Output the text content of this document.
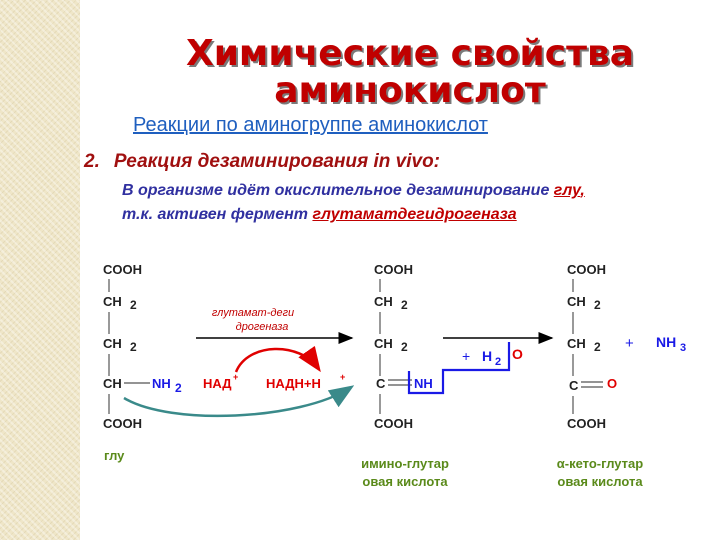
Химические свойства
аминокислот
Реакции по аминогруппе аминокислот
2. Реакция дезаминирования in vivo:
В организме идёт окислительное дезаминирование глу,
т.к. активен фермент глутаматдегидрогеназа
COOH
CH 2
CH 2
CH NH 2
COOH
глутамат-деги
дрогеназа
НАД + НАДН+Н +
COOH
CH 2
CH 2
C NH
COOH
+ H 2 O
COOH
CH 2
CH 2
C O
COOH
+ NH 3
глу
имино-глутар
овая кислота
α-кето-глутар
овая кислота
